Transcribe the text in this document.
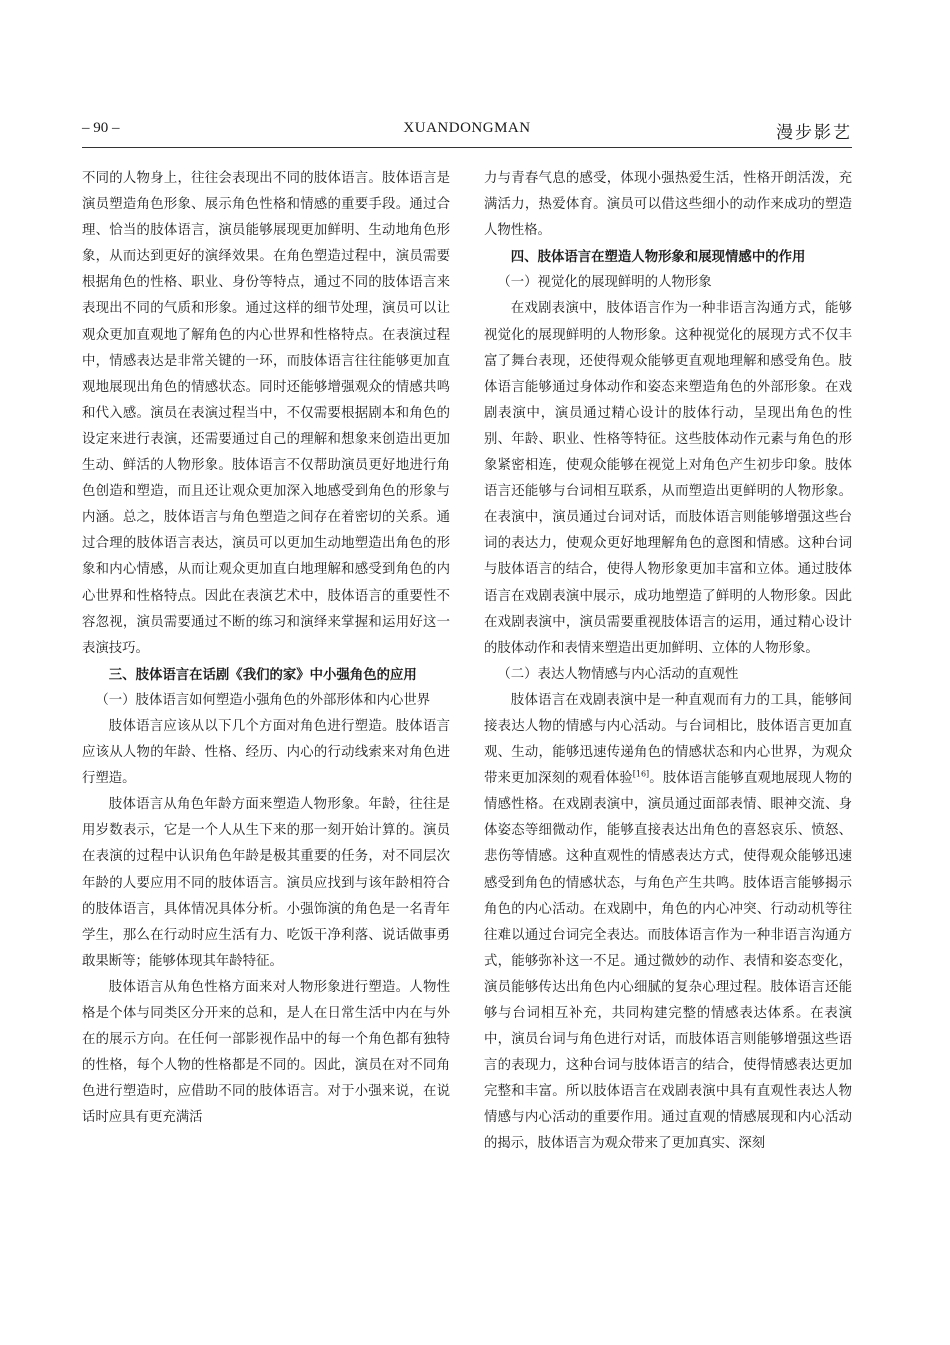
– 90 –	XUANDONGMAN	漫步影艺

不同的人物身上，往往会表现出不同的肢体语言。肢体语言是演员塑造角色形象、展示角色性格和情感的重要手段。通过合理、恰当的肢体语言，演员能够展现更加鲜明、生动地角色形象，从而达到更好的演绎效果。在角色塑造过程中，演员需要根据角色的性格、职业、身份等特点，通过不同的肢体语言来表现出不同的气质和形象。通过这样的细节处理，演员可以让观众更加直观地了解角色的内心世界和性格特点。在表演过程中，情感表达是非常关键的一环，而肢体语言往往能够更加直观地展现出角色的情感状态。同时还能够增强观众的情感共鸣和代入感。演员在表演过程当中，不仅需要根据剧本和角色的设定来进行表演，还需要通过自己的理解和想象来创造出更加生动、鲜活的人物形象。肢体语言不仅帮助演员更好地进行角色创造和塑造，而且还让观众更加深入地感受到角色的形象与内涵。总之，肢体语言与角色塑造之间存在着密切的关系。通过合理的肢体语言表达，演员可以更加生动地塑造出角色的形象和内心情感，从而让观众更加直白地理解和感受到角色的内心世界和性格特点。因此在表演艺术中，肢体语言的重要性不容忽视，演员需要通过不断的练习和演绎来掌握和运用好这一表演技巧。

三、肢体语言在话剧《我们的家》中小强角色的应用

（一）肢体语言如何塑造小强角色的外部形体和内心世界

肢体语言应该从以下几个方面对角色进行塑造。肢体语言应该从人物的年龄、性格、经历、内心的行动线索来对角色进行塑造。

肢体语言从角色年龄方面来塑造人物形象。年龄，往往是用岁数表示，它是一个人从生下来的那一刻开始计算的。演员在表演的过程中认识角色年龄是极其重要的任务，对不同层次年龄的人要应用不同的肢体语言。演员应找到与该年龄相符合的肢体语言，具体情况具体分析。小强饰演的角色是一名青年学生，那么在行动时应生活有力、吃饭干净利落、说话做事勇敢果断等；能够体现其年龄特征。

肢体语言从角色性格方面来对人物形象进行塑造。人物性格是个体与同类区分开来的总和，是人在日常生活中内在与外在的展示方向。在任何一部影视作品中的每一个角色都有独特的性格，每个人物的性格都是不同的。因此，演员在对不同角色进行塑造时，应借助不同的肢体语言。对于小强来说，在说话时应具有更充满活

力与青春气息的感受，体现小强热爱生活，性格开朗活泼，充满活力，热爱体育。演员可以借这些细小的动作来成功的塑造人物性格。

四、肢体语言在塑造人物形象和展现情感中的作用

（一）视觉化的展现鲜明的人物形象

在戏剧表演中，肢体语言作为一种非语言沟通方式，能够视觉化的展现鲜明的人物形象。这种视觉化的展现方式不仅丰富了舞台表现，还使得观众能够更直观地理解和感受角色。肢体语言能够通过身体动作和姿态来塑造角色的外部形象。在戏剧表演中，演员通过精心设计的肢体行动，呈现出角色的性别、年龄、职业、性格等特征。这些肢体动作元素与角色的形象紧密相连，使观众能够在视觉上对角色产生初步印象。肢体语言还能够与台词相互联系，从而塑造出更鲜明的人物形象。在表演中，演员通过台词对话，而肢体语言则能够增强这些台词的表达力，使观众更好地理解角色的意图和情感。这种台词与肢体语言的结合，使得人物形象更加丰富和立体。通过肢体语言在戏剧表演中展示，成功地塑造了鲜明的人物形象。因此在戏剧表演中，演员需要重视肢体语言的运用，通过精心设计的肢体动作和表情来塑造出更加鲜明、立体的人物形象。

（二）表达人物情感与内心活动的直观性

肢体语言在戏剧表演中是一种直观而有力的工具，能够间接表达人物的情感与内心活动。与台词相比，肢体语言更加直观、生动，能够迅速传递角色的情感状态和内心世界，为观众带来更加深刻的观看体验[16]。肢体语言能够直观地展现人物的情感性格。在戏剧表演中，演员通过面部表情、眼神交流、身体姿态等细微动作，能够直接表达出角色的喜怒哀乐、愤怒、悲伤等情感。这种直观性的情感表达方式，使得观众能够迅速感受到角色的情感状态，与角色产生共鸣。肢体语言能够揭示角色的内心活动。在戏剧中，角色的内心冲突、行动动机等往往难以通过台词完全表达。而肢体语言作为一种非语言沟通方式，能够弥补这一不足。通过微妙的动作、表情和姿态变化，演员能够传达出角色内心细腻的复杂心理过程。肢体语言还能够与台词相互补充，共同构建完整的情感表达体系。在表演中，演员台词与角色进行对话，而肢体语言则能够增强这些语言的表现力，这种台词与肢体语言的结合，使得情感表达更加完整和丰富。所以肢体语言在戏剧表演中具有直观性表达人物情感与内心活动的重要作用。通过直观的情感展现和内心活动的揭示，肢体语言为观众带来了更加真实、深刻
